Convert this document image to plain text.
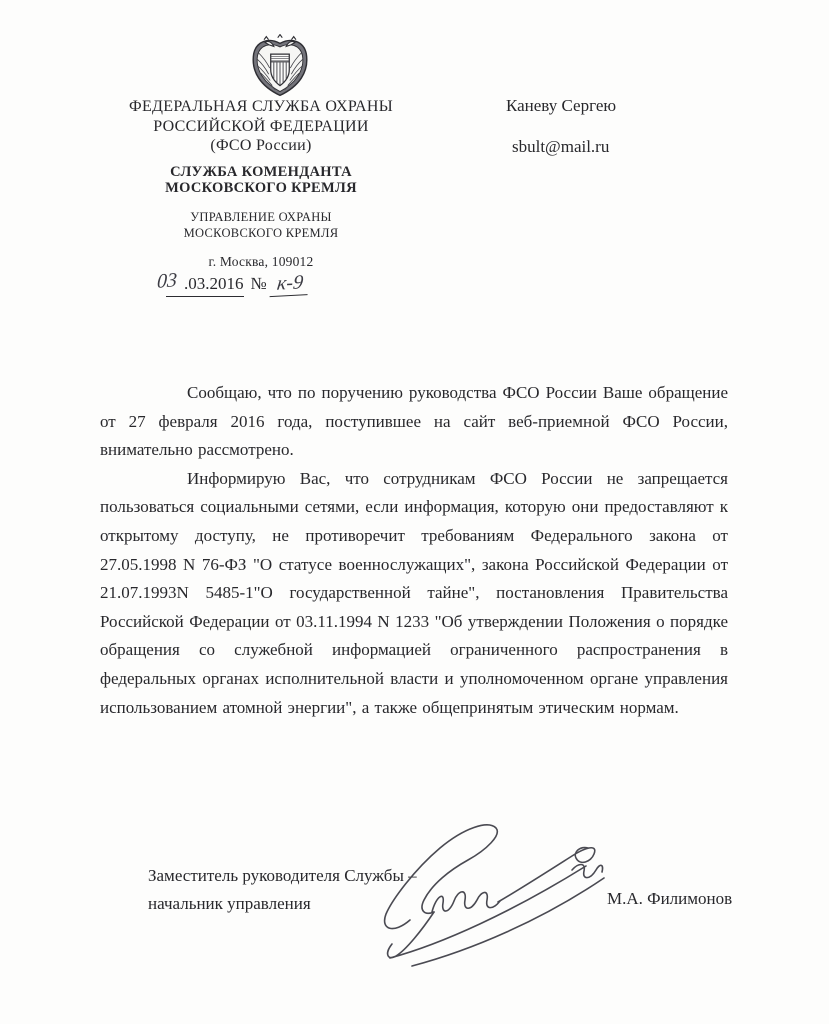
ФЕДЕРАЛЬНАЯ СЛУЖБА ОХРАНЫ
РОССИЙСКОЙ ФЕДЕРАЦИИ
(ФСО России)
СЛУЖБА КОМЕНДАНТА
МОСКОВСКОГО КРЕМЛЯ
УПРАВЛЕНИЕ ОХРАНЫ
МОСКОВСКОГО КРЕМЛЯ
г. Москва, 109012
03 .03.2016 № к-9
Каневу Сергею
sbult@mail.ru

Сообщаю, что по поручению руководства ФСО России Ваше обращение от 27 февраля 2016 года, поступившее на сайт веб-приемной ФСО России, внимательно рассмотрено.

Информирую Вас, что сотрудникам ФСО России не запрещается пользоваться социальными сетями, если информация, которую они предоставляют к открытому доступу, не противоречит требованиям Федерального закона от 27.05.1998 N 76-ФЗ "О статусе военнослужащих", закона Российской Федерации от 21.07.1993N 5485-1"О государственной тайне", постановления Правительства Российской Федерации от 03.11.1994 N 1233 "Об утверждении Положения о порядке обращения со служебной информацией ограниченного распространения в федеральных органах исполнительной власти и уполномоченном органе управления использованием атомной энергии", а также общепринятым этическим нормам.

Заместитель руководителя Службы –
начальник управления	М.А. Филимонов
